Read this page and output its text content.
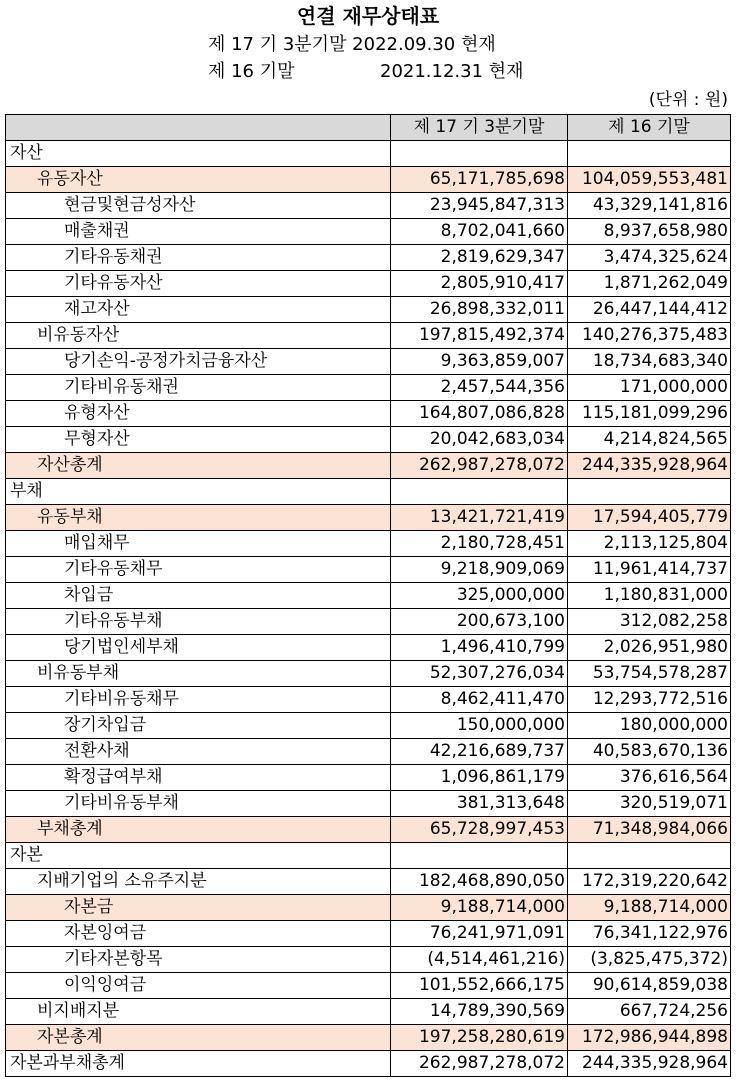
연결 재무상태표
제 17 기 3분기말 2022.09.30 현재
제 16 기말	2021.12.31 현재
(단위 : 원)
	제 17 기 3분기말	제 16 기말
자산		
유동자산	65,171,785,698	104,059,553,481
현금및현금성자산	23,945,847,313	43,329,141,816
매출채권	8,702,041,660	8,937,658,980
기타유동채권	2,819,629,347	3,474,325,624
기타유동자산	2,805,910,417	1,871,262,049
재고자산	26,898,332,011	26,447,144,412
비유동자산	197,815,492,374	140,276,375,483
당기손익-공정가치금융자산	9,363,859,007	18,734,683,340
기타비유동채권	2,457,544,356	171,000,000
유형자산	164,807,086,828	115,181,099,296
무형자산	20,042,683,034	4,214,824,565
자산총계	262,987,278,072	244,335,928,964
부채		
유동부채	13,421,721,419	17,594,405,779
매입채무	2,180,728,451	2,113,125,804
기타유동채무	9,218,909,069	11,961,414,737
차입금	325,000,000	1,180,831,000
기타유동부채	200,673,100	312,082,258
당기법인세부채	1,496,410,799	2,026,951,980
비유동부채	52,307,276,034	53,754,578,287
기타비유동채무	8,462,411,470	12,293,772,516
장기차입금	150,000,000	180,000,000
전환사채	42,216,689,737	40,583,670,136
확정급여부채	1,096,861,179	376,616,564
기타비유동부채	381,313,648	320,519,071
부채총계	65,728,997,453	71,348,984,066
자본		
지배기업의 소유주지분	182,468,890,050	172,319,220,642
자본금	9,188,714,000	9,188,714,000
자본잉여금	76,241,971,091	76,341,122,976
기타자본항목	(4,514,461,216)	(3,825,475,372)
이익잉여금	101,552,666,175	90,614,859,038
비지배지분	14,789,390,569	667,724,256
자본총계	197,258,280,619	172,986,944,898
자본과부채총계	262,987,278,072	244,335,928,964
